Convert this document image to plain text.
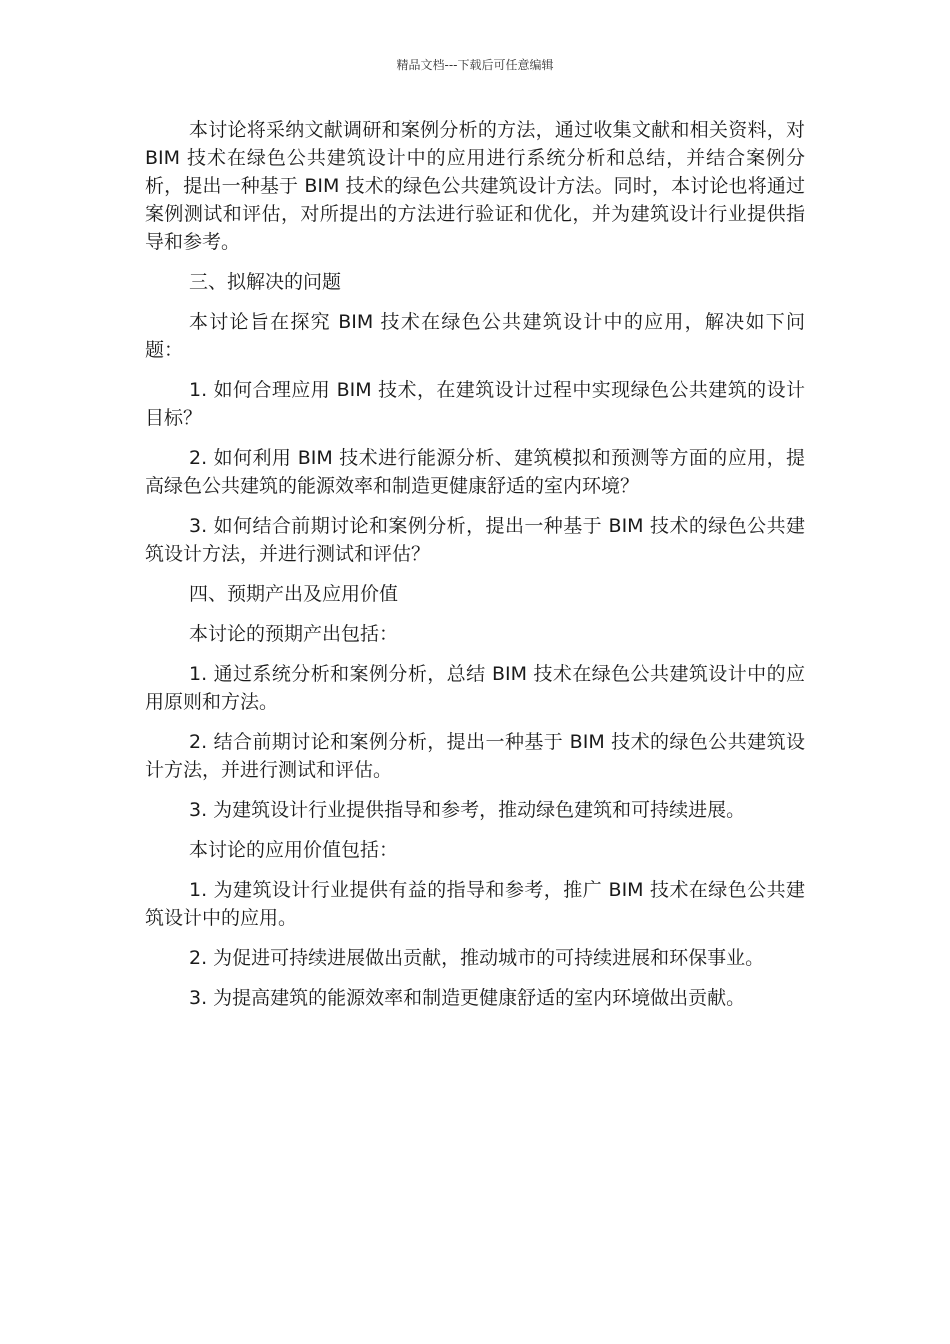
精品文档---下载后可任意编辑

本讨论将采纳文献调研和案例分析的方法，通过收集文献和相关资料，对 BIM 技术在绿色公共建筑设计中的应用进行系统分析和总结，并结合案例分析，提出一种基于 BIM 技术的绿色公共建筑设计方法。同时，本讨论也将通过案例测试和评估，对所提出的方法进行验证和优化，并为建筑设计行业提供指导和参考。

三、拟解决的问题

本讨论旨在探究 BIM 技术在绿色公共建筑设计中的应用，解决如下问题：

1. 如何合理应用 BIM 技术，在建筑设计过程中实现绿色公共建筑的设计目标？

2. 如何利用 BIM 技术进行能源分析、建筑模拟和预测等方面的应用，提高绿色公共建筑的能源效率和制造更健康舒适的室内环境？

3. 如何结合前期讨论和案例分析，提出一种基于 BIM 技术的绿色公共建筑设计方法，并进行测试和评估？

四、预期产出及应用价值

本讨论的预期产出包括：

1. 通过系统分析和案例分析，总结 BIM 技术在绿色公共建筑设计中的应用原则和方法。

2. 结合前期讨论和案例分析，提出一种基于 BIM 技术的绿色公共建筑设计方法，并进行测试和评估。

3. 为建筑设计行业提供指导和参考，推动绿色建筑和可持续进展。

本讨论的应用价值包括：

1. 为建筑设计行业提供有益的指导和参考，推广 BIM 技术在绿色公共建筑设计中的应用。

2. 为促进可持续进展做出贡献，推动城市的可持续进展和环保事业。

3. 为提高建筑的能源效率和制造更健康舒适的室内环境做出贡献。
